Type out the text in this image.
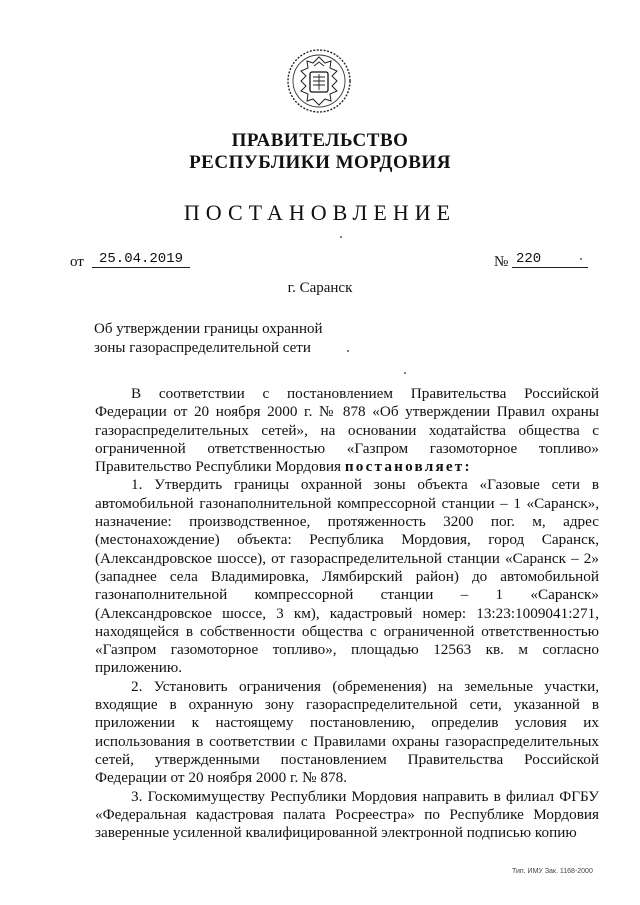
ПРАВИТЕЛЬСТВО
РЕСПУБЛИКИ МОРДОВИЯ
ПОСТАНОВЛЕНИЕ
от	25.04.2019	№ 220
г. Саранск
Об утверждении границы охранной
зоны газораспределительной сети

В соответствии с постановлением Правительства Российской Федерации от 20 ноября 2000 г. № 878 «Об утверждении Правил охраны газораспределительных сетей», на основании ходатайства общества с ограниченной ответственностью «Газпром газомоторное топливо» Правительство Республики Мордовия постановляет:

1. Утвердить границы охранной зоны объекта «Газовые сети в автомобильной газонаполнительной компрессорной станции – 1 «Саранск», назначение: производственное, протяженность 3200 пог. м, адрес (местонахождение) объекта: Республика Мордовия, город Саранск, (Александровское шоссе), от газораспределительной станции «Саранск – 2» (западнее села Владимировка, Лямбирский район) до автомобильной газонаполнительной компрессорной станции – 1 «Саранск» (Александровское шоссе, 3 км), кадастровый номер: 13:23:1009041:271, находящейся в собственности общества с ограниченной ответственностью «Газпром газомоторное топливо», площадью 12563 кв. м согласно приложению.

2. Установить ограничения (обременения) на земельные участки, входящие в охранную зону газораспределительной сети, указанной в приложении к настоящему постановлению, определив условия их использования в соответствии с Правилами охраны газораспределительных сетей, утвержденными постановлением Правительства Российской Федерации от 20 ноября 2000 г. № 878.

3. Госкомимуществу Республики Мордовия направить в филиал ФГБУ «Федеральная кадастровая палата Росреестра» по Республике Мордовия заверенные усиленной квалифицированной электронной подписью копию

Тип. ИМУ Зак. 1168-2000
